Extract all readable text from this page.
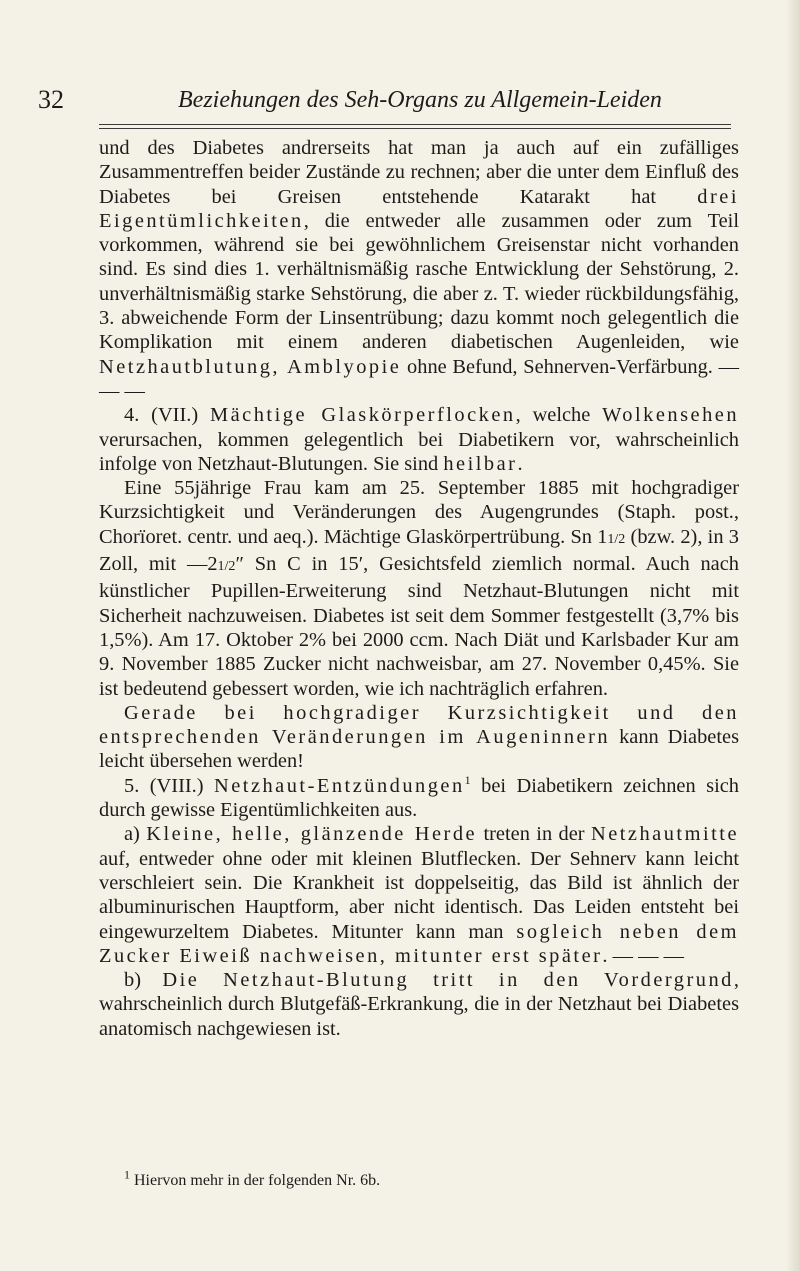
32	Beziehungen des Seh-Organs zu Allgemein-Leiden

und des Diabetes andrerseits hat man ja auch auf ein zufälliges Zusammentreffen beider Zustände zu rechnen; aber die unter dem Einfluß des Diabetes bei Greisen entstehende Katarakt hat drei Eigentümlichkeiten, die entweder alle zusammen oder zum Teil vorkommen, während sie bei gewöhnlichem Greisenstar nicht vorhanden sind. Es sind dies 1. verhältnismäßig rasche Entwicklung der Sehstörung, 2. unverhältnismäßig starke Sehstörung, die aber z. T. wieder rückbildungsfähig, 3. abweichende Form der Linsentrübung; dazu kommt noch gelegentlich die Komplikation mit einem anderen diabetischen Augenleiden, wie Netzhautblutung, Amblyopie ohne Befund, Sehnerven-Verfärbung. — — —

4. (VII.) Mächtige Glaskörperflocken, welche Wolkensehen verursachen, kommen gelegentlich bei Diabetikern vor, wahrscheinlich infolge von Netzhaut-Blutungen. Sie sind heilbar.

Eine 55jährige Frau kam am 25. September 1885 mit hochgradiger Kurzsichtigkeit und Veränderungen des Augengrundes (Staph. post., Chorïoret. centr. und aeq.). Mächtige Glaskörpertrübung. Sn 11/2 (bzw. 2), in 3 Zoll, mit —21/2″ Sn C in 15′, Gesichtsfeld ziemlich normal. Auch nach künstlicher Pupillen-Erweiterung sind Netzhaut-Blutungen nicht mit Sicherheit nachzuweisen. Diabetes ist seit dem Sommer festgestellt (3,7% bis 1,5%). Am 17. Oktober 2% bei 2000 ccm. Nach Diät und Karlsbader Kur am 9. November 1885 Zucker nicht nachweisbar, am 27. November 0,45%. Sie ist bedeutend gebessert worden, wie ich nachträglich erfahren.

Gerade bei hochgradiger Kurzsichtigkeit und den entsprechenden Veränderungen im Augeninnern kann Diabetes leicht übersehen werden!

5. (VIII.) Netzhaut-Entzündungen$^1$ bei Diabetikern zeichnen sich durch gewisse Eigentümlichkeiten aus.

a) Kleine, helle, glänzende Herde treten in der Netzhautmitte auf, entweder ohne oder mit kleinen Blutflecken. Der Sehnerv kann leicht verschleiert sein. Die Krankheit ist doppelseitig, das Bild ist ähnlich der albuminurischen Hauptform, aber nicht identisch. Das Leiden entsteht bei eingewurzeltem Diabetes. Mitunter kann man sogleich neben dem Zucker Eiweiß nachweisen, mitunter erst später. — — —

b) Die Netzhaut-Blutung tritt in den Vordergrund, wahrscheinlich durch Blutgefäß-Erkrankung, die in der Netzhaut bei Diabetes anatomisch nachgewiesen ist.

$^1$ Hiervon mehr in der folgenden Nr. 6b.
